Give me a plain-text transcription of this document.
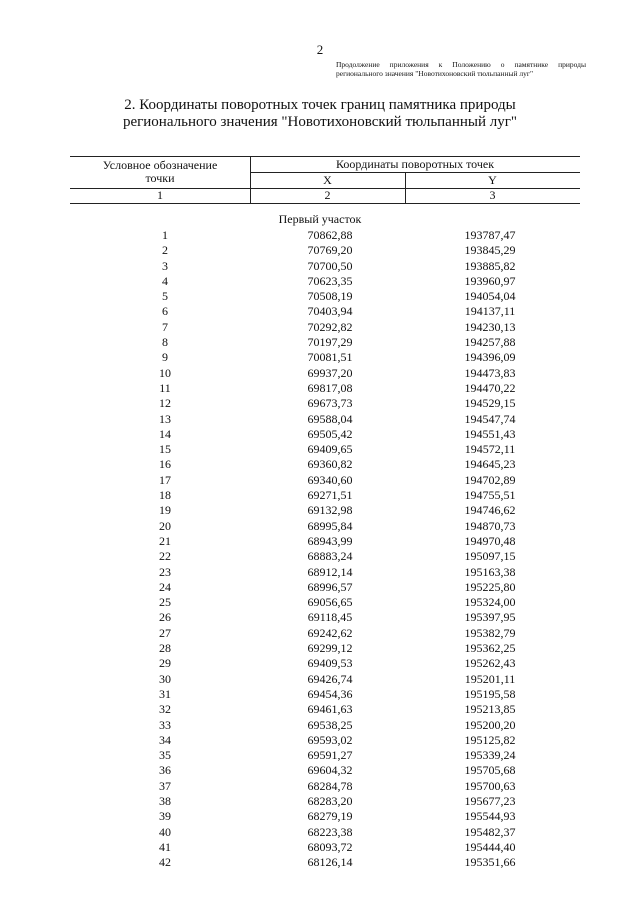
2
Продолжение приложения к Положению о памятнике природы регионального значения "Новотихоновский тюльпанный луг"
2. Координаты поворотных точек границ памятника природы
регионального значения "Новотихоновский тюльпанный луг"
Условное обозначение
точки
Координаты поворотных точек
X	Y
1	2	3
Первый участок
1	70862,88	193787,47
2	70769,20	193845,29
3	70700,50	193885,82
4	70623,35	193960,97
5	70508,19	194054,04
6	70403,94	194137,11
7	70292,82	194230,13
8	70197,29	194257,88
9	70081,51	194396,09
10	69937,20	194473,83
11	69817,08	194470,22
12	69673,73	194529,15
13	69588,04	194547,74
14	69505,42	194551,43
15	69409,65	194572,11
16	69360,82	194645,23
17	69340,60	194702,89
18	69271,51	194755,51
19	69132,98	194746,62
20	68995,84	194870,73
21	68943,99	194970,48
22	68883,24	195097,15
23	68912,14	195163,38
24	68996,57	195225,80
25	69056,65	195324,00
26	69118,45	195397,95
27	69242,62	195382,79
28	69299,12	195362,25
29	69409,53	195262,43
30	69426,74	195201,11
31	69454,36	195195,58
32	69461,63	195213,85
33	69538,25	195200,20
34	69593,02	195125,82
35	69591,27	195339,24
36	69604,32	195705,68
37	68284,78	195700,63
38	68283,20	195677,23
39	68279,19	195544,93
40	68223,38	195482,37
41	68093,72	195444,40
42	68126,14	195351,66
